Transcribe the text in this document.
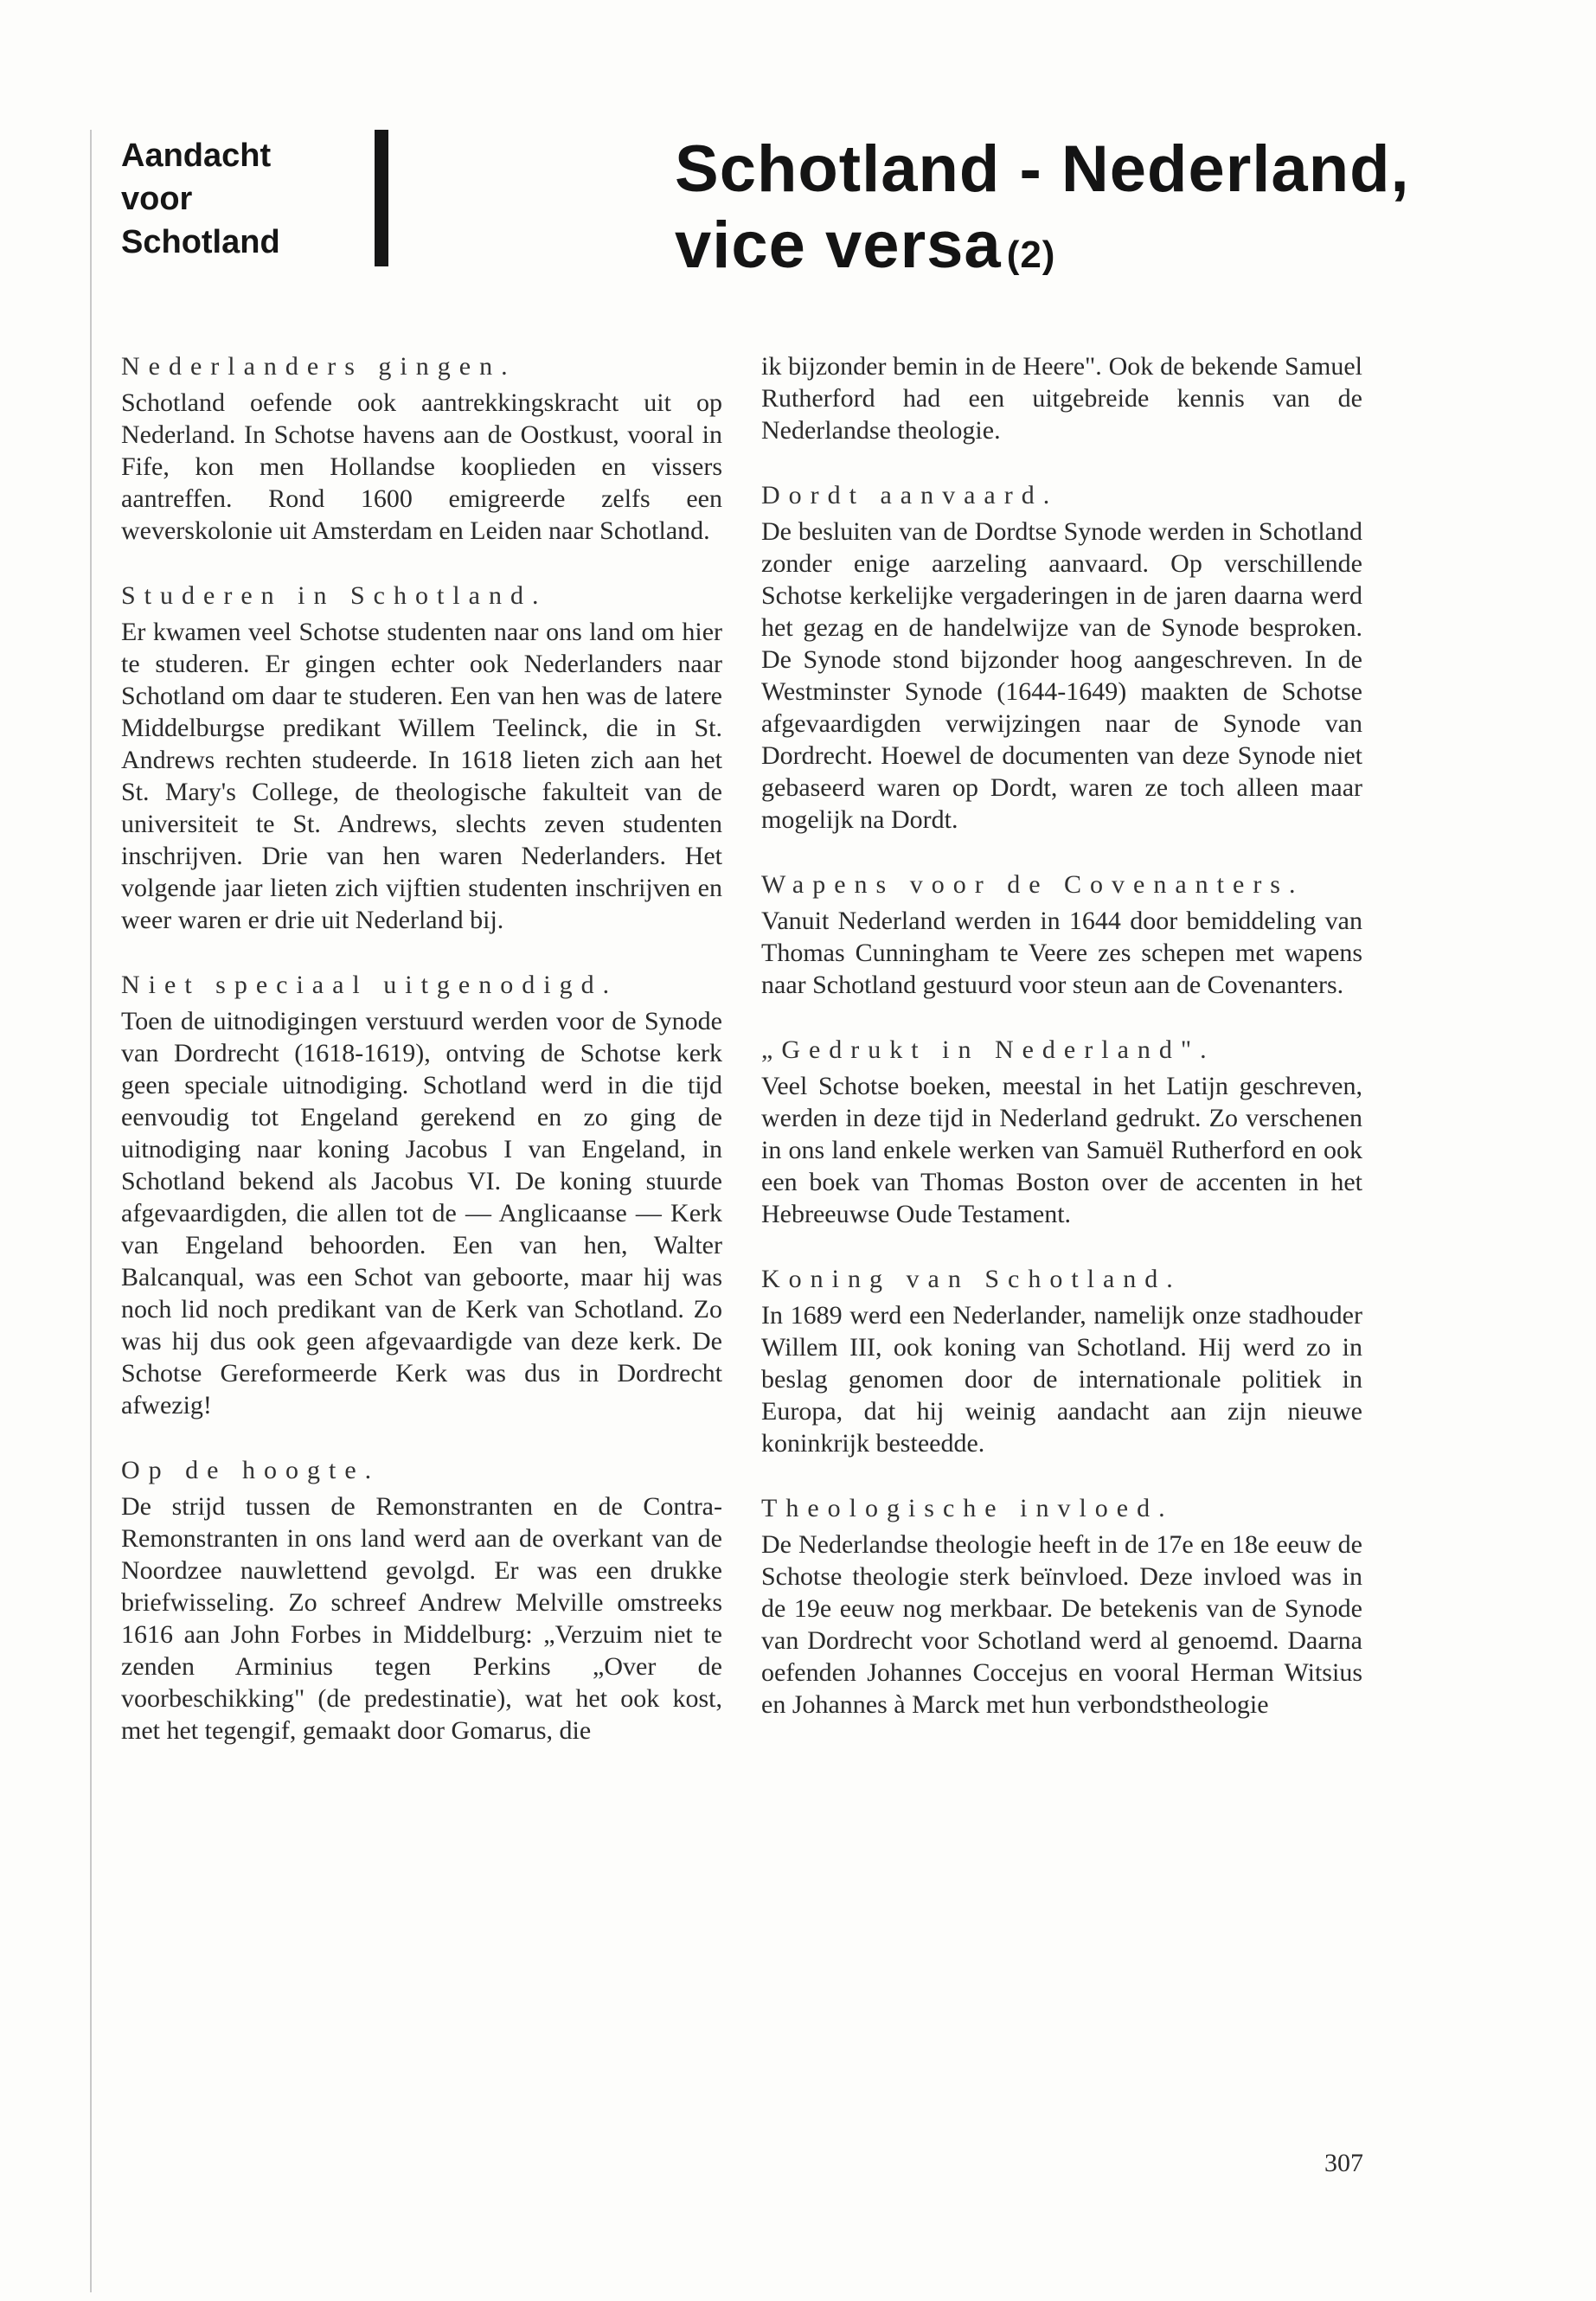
Aandacht
voor
Schotland
Schotland - Nederland,
vice versa (2)
Nederlanders gingen.

Schotland oefende ook aantrekkingskracht uit op Nederland. In Schotse havens aan de Oostkust, vooral in Fife, kon men Hollandse kooplieden en vissers aantreffen. Rond 1600 emigreerde zelfs een weverskolonie uit Amsterdam en Leiden naar Schotland.

Studeren in Schotland.

Er kwamen veel Schotse studenten naar ons land om hier te studeren. Er gingen echter ook Nederlanders naar Schotland om daar te studeren. Een van hen was de latere Middelburgse predikant Willem Teelinck, die in St. Andrews rechten studeerde. In 1618 lieten zich aan het St. Mary's College, de theologische fakulteit van de universiteit te St. Andrews, slechts zeven studenten inschrijven. Drie van hen waren Nederlanders. Het volgende jaar lieten zich vijftien studenten inschrijven en weer waren er drie uit Nederland bij.

Niet speciaal uitgenodigd.

Toen de uitnodigingen verstuurd werden voor de Synode van Dordrecht (1618-1619), ontving de Schotse kerk geen speciale uitnodiging. Schotland werd in die tijd eenvoudig tot Engeland gerekend en zo ging de uitnodiging naar koning Jacobus I van Engeland, in Schotland bekend als Jacobus VI. De koning stuurde afgevaardigden, die allen tot de — Anglicaanse — Kerk van Engeland behoorden. Een van hen, Walter Balcanqual, was een Schot van geboorte, maar hij was noch lid noch predikant van de Kerk van Schotland. Zo was hij dus ook geen afgevaardigde van deze kerk. De Schotse Gereformeerde Kerk was dus in Dordrecht afwezig!

Op de hoogte.

De strijd tussen de Remonstranten en de Contra-Remonstranten in ons land werd aan de overkant van de Noordzee nauwlettend gevolgd. Er was een drukke briefwisseling. Zo schreef Andrew Melville omstreeks 1616 aan John Forbes in Middelburg: „Verzuim niet te zenden Arminius tegen Perkins „Over de voorbeschikking" (de predestinatie), wat het ook kost, met het tegengif, gemaakt door Gomarus, die

ik bijzonder bemin in de Heere". Ook de bekende Samuel Rutherford had een uitgebreide kennis van de Nederlandse theologie.

Dordt aanvaard.

De besluiten van de Dordtse Synode werden in Schotland zonder enige aarzeling aanvaard. Op verschillende Schotse kerkelijke vergaderingen in de jaren daarna werd het gezag en de handelwijze van de Synode besproken. De Synode stond bijzonder hoog aangeschreven. In de Westminster Synode (1644-1649) maakten de Schotse afgevaardigden verwijzingen naar de Synode van Dordrecht. Hoewel de documenten van deze Synode niet gebaseerd waren op Dordt, waren ze toch alleen maar mogelijk na Dordt.

Wapens voor de Covenanters.

Vanuit Nederland werden in 1644 door bemiddeling van Thomas Cunningham te Veere zes schepen met wapens naar Schotland gestuurd voor steun aan de Covenanters.

„Gedrukt in Nederland".

Veel Schotse boeken, meestal in het Latijn geschreven, werden in deze tijd in Nederland gedrukt. Zo verschenen in ons land enkele werken van Samuël Rutherford en ook een boek van Thomas Boston over de accenten in het Hebreeuwse Oude Testament.

Koning van Schotland.

In 1689 werd een Nederlander, namelijk onze stadhouder Willem III, ook koning van Schotland. Hij werd zo in beslag genomen door de internationale politiek in Europa, dat hij weinig aandacht aan zijn nieuwe koninkrijk besteedde.

Theologische invloed.

De Nederlandse theologie heeft in de 17e en 18e eeuw de Schotse theologie sterk beïnvloed. Deze invloed was in de 19e eeuw nog merkbaar. De betekenis van de Synode van Dordrecht voor Schotland werd al genoemd. Daarna oefenden Johannes Coccejus en vooral Herman Witsius en Johannes à Marck met hun verbondstheologie

307
